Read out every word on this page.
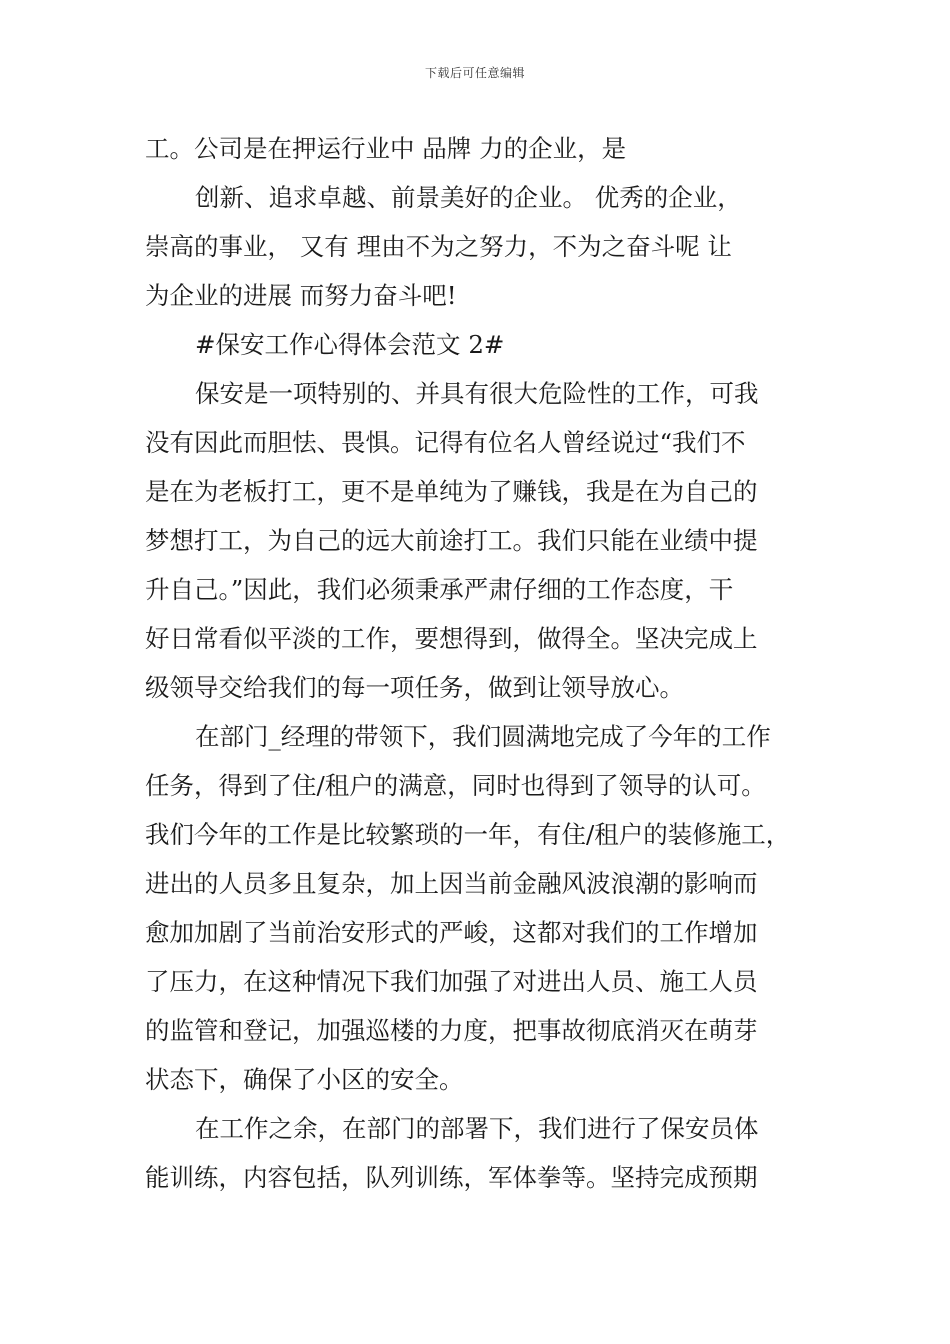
下载后可任意编辑
工。公司是在押运行业中 品牌 力的企业，是
创新、追求卓越、前景美好的企业。 优秀的企业，
崇高的事业， 又有 理由不为之努力，不为之奋斗呢 让
为企业的进展 而努力奋斗吧!
#保安工作心得体会范文 2#
保安是一项特别的、并具有很大危险性的工作，可我
没有因此而胆怯、畏惧。记得有位名人曾经说过“我们不
是在为老板打工，更不是单纯为了赚钱，我是在为自己的
梦想打工，为自己的远大前途打工。我们只能在业绩中提
升自己。”因此，我们必须秉承严肃仔细的工作态度，干
好日常看似平淡的工作，要想得到，做得全。坚决完成上
级领导交给我们的每一项任务，做到让领导放心。
在部门_经理的带领下，我们圆满地完成了今年的工作
任务，得到了住/租户的满意，同时也得到了领导的认可。
我们今年的工作是比较繁琐的一年，有住/租户的装修施工，
进出的人员多且复杂，加上因当前金融风波浪潮的影响而
愈加加剧了当前治安形式的严峻，这都对我们的工作增加
了压力，在这种情况下我们加强了对进出人员、施工人员
的监管和登记，加强巡楼的力度，把事故彻底消灭在萌芽
状态下，确保了小区的安全。
在工作之余，在部门的部署下，我们进行了保安员体
能训练，内容包括，队列训练，军体拳等。坚持完成预期
